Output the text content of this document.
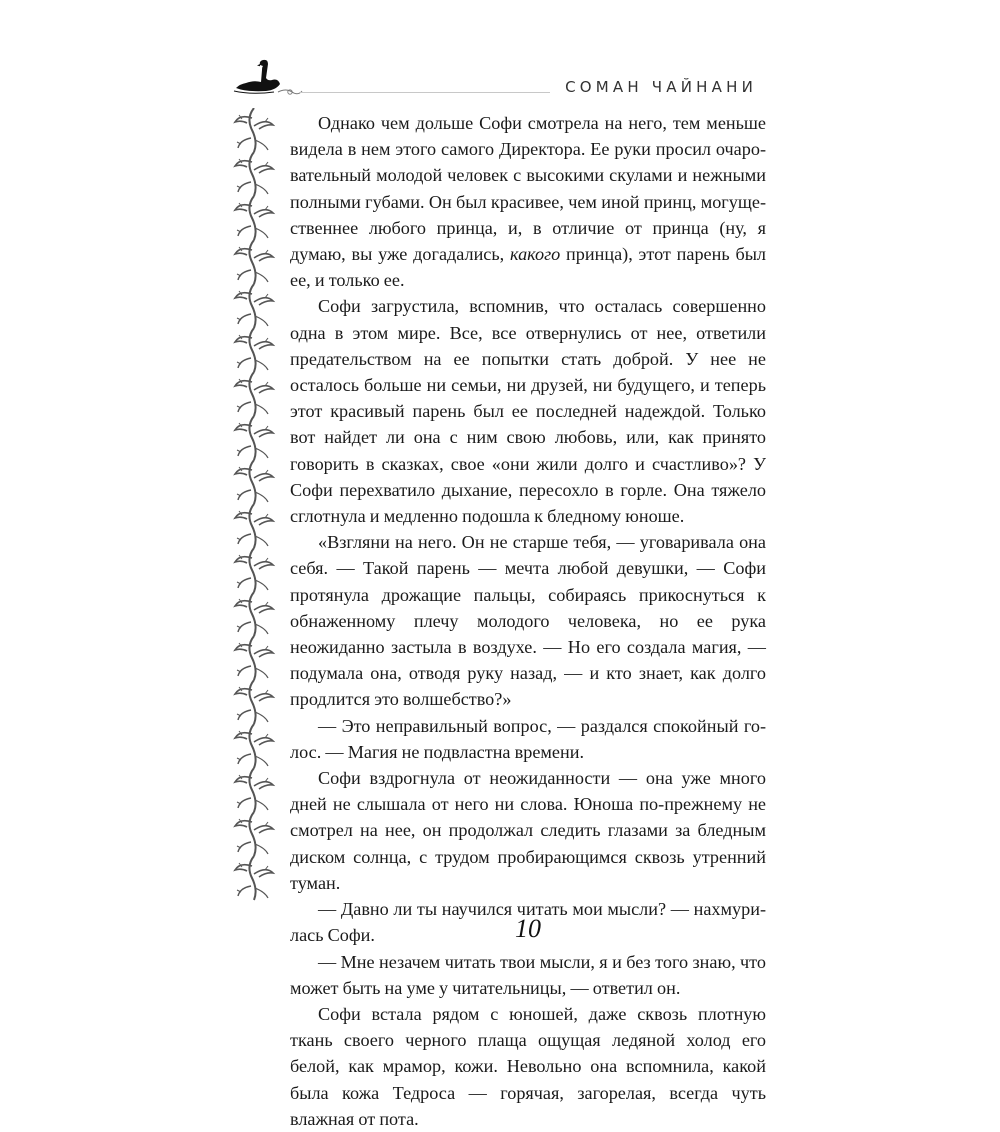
СОМАН ЧАЙНАНИ

Однако чем дольше Софи смотрела на него, тем меньше видела в нем этого самого Директора. Ее руки просил очаровательный молодой человек с высокими скулами и нежными полными губами. Он был красивее, чем иной принц, могущественнее любого принца, и, в отличие от принца (ну, я думаю, вы уже догадались, какого принца), этот парень был ее, и только ее.

Софи загрустила, вспомнив, что осталась совершенно одна в этом мире. Все, все отвернулись от нее, ответили предательством на ее попытки стать доброй. У нее не осталось больше ни семьи, ни друзей, ни будущего, и теперь этот красивый парень был ее последней надеждой. Только вот найдет ли она с ним свою любовь, или, как принято говорить в сказках, свое «они жили долго и счастливо»? У Софи перехватило дыхание, пересохло в горле. Она тяжело сглотнула и медленно подошла к бледному юноше.

«Взгляни на него. Он не старше тебя, — уговаривала она себя. — Такой парень — мечта любой девушки, — Софи протянула дрожащие пальцы, собираясь прикоснуться к обнаженному плечу молодого человека, но ее рука неожиданно застыла в воздухе. — Но его создала магия, — подумала она, отводя руку назад, — и кто знает, как долго продлится это волшебство?»

— Это неправильный вопрос, — раздался спокойный голос. — Магия не подвластна времени.

Софи вздрогнула от неожиданности — она уже много дней не слышала от него ни слова. Юноша по-прежнему не смотрел на нее, он продолжал следить глазами за бледным диском солнца, с трудом пробирающимся сквозь утренний туман.

— Давно ли ты научился читать мои мысли? — нахмурилась Софи.

— Мне незачем читать твои мысли, я и без того знаю, что может быть на уме у читательницы, — ответил он.

Софи встала рядом с юношей, даже сквозь плотную ткань своего черного плаща ощущая ледяной холод его белой, как мрамор, кожи. Невольно она вспомнила, какой была кожа Тедроса — горячая, загорелая, всегда чуть влажная от пота.

10
